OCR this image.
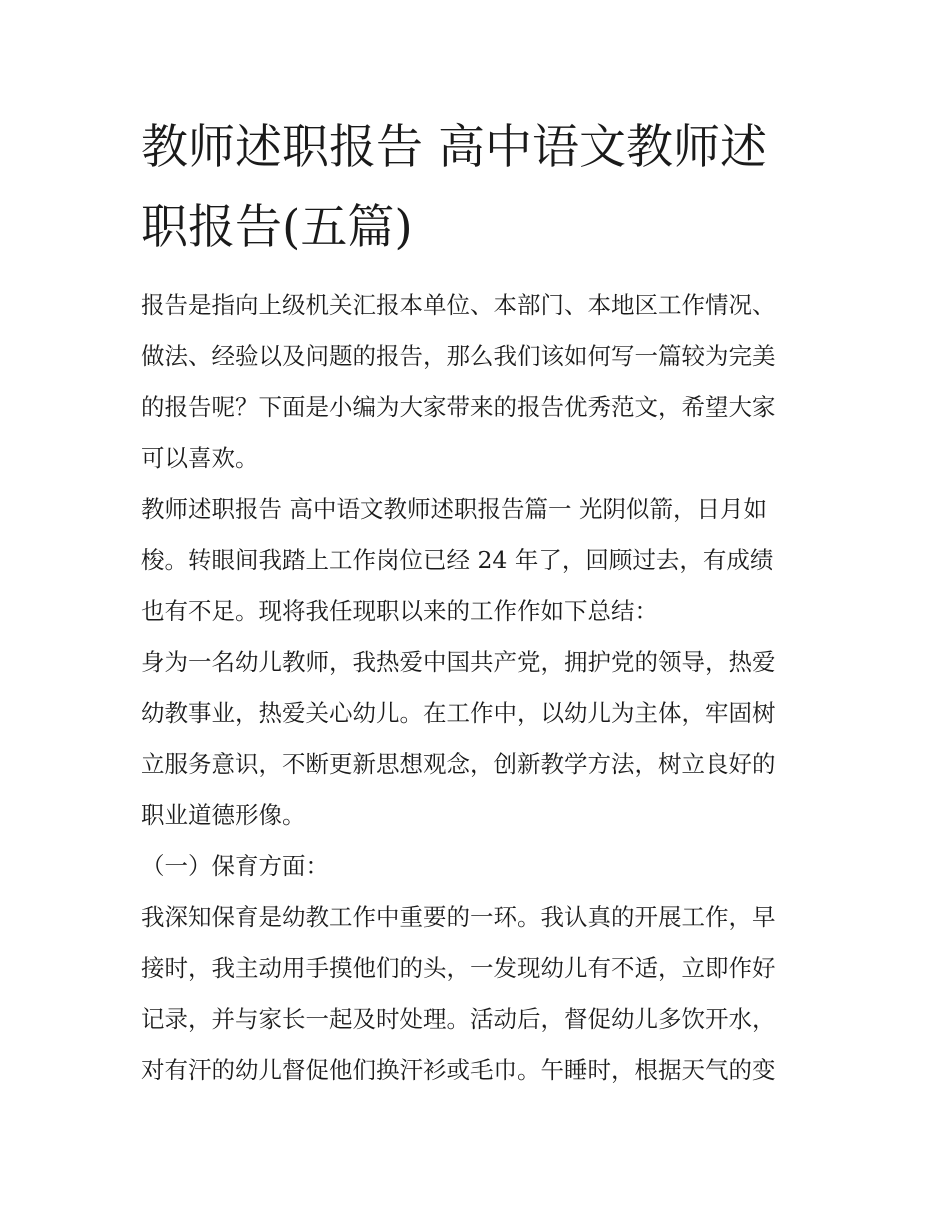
教师述职报告 高中语文教师述
职报告(五篇)
报告是指向上级机关汇报本单位、本部门、本地区工作情况、
做法、经验以及问题的报告，那么我们该如何写一篇较为完美
的报告呢？下面是小编为大家带来的报告优秀范文，希望大家
可以喜欢。
教师述职报告 高中语文教师述职报告篇一 光阴似箭，日月如
梭。转眼间我踏上工作岗位已经 24 年了，回顾过去，有成绩
也有不足。现将我任现职以来的工作作如下总结：
身为一名幼儿教师，我热爱中国共产党，拥护党的领导，热爱
幼教事业，热爱关心幼儿。在工作中，以幼儿为主体，牢固树
立服务意识，不断更新思想观念，创新教学方法，树立良好的
职业道德形像。
（一）保育方面：
我深知保育是幼教工作中重要的一环。我认真的开展工作，早
接时，我主动用手摸他们的头，一发现幼儿有不适，立即作好
记录，并与家长一起及时处理。活动后，督促幼儿多饮开水，
对有汗的幼儿督促他们换汗衫或毛巾。午睡时，根据天气的变
